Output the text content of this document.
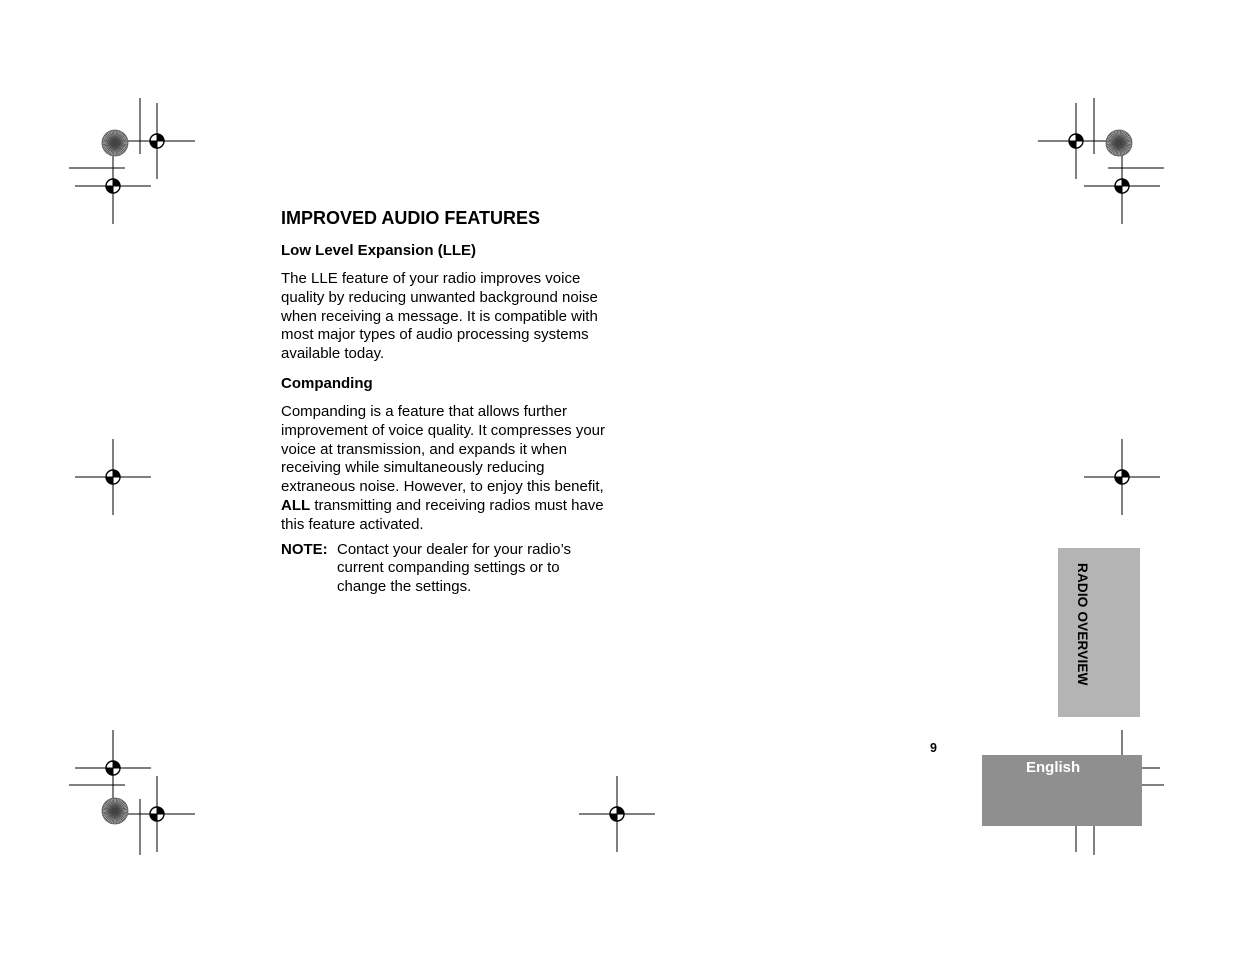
IMPROVED AUDIO FEATURES
Low Level Expansion (LLE)
The LLE feature of your radio improves voice quality by reducing unwanted background noise when receiving a message. It is compatible with most major types of audio processing systems available today.
Companding
Companding is a feature that allows further improvement of voice quality. It compresses your voice at transmission, and expands it when receiving while simultaneously reducing extraneous noise. However, to enjoy this benefit, ALL transmitting and receiving radios must have this feature activated.
NOTE: Contact your dealer for your radio’s current companding settings or to change the settings.	RADIO OVERVIEW
9
English
